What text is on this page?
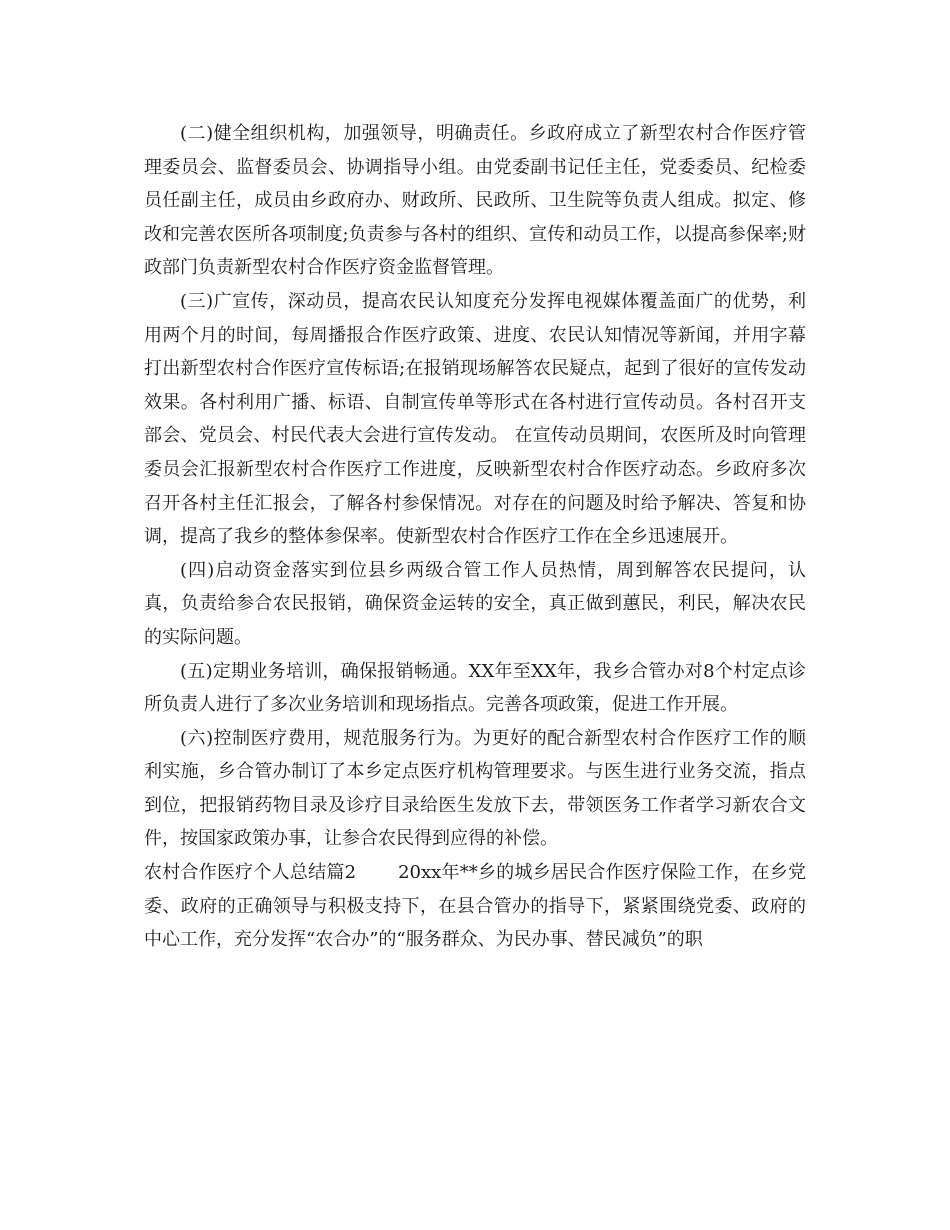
(二)健全组织机构，加强领导，明确责任。乡政府成立了新型农村合作医疗管理委员会、监督委员会、协调指导小组。由党委副书记任主任，党委委员、纪检委员任副主任，成员由乡政府办、财政所、民政所、卫生院等负责人组成。拟定、修改和完善农医所各项制度;负责参与各村的组织、宣传和动员工作，以提高参保率;财政部门负责新型农村合作医疗资金监督管理。

(三)广宣传，深动员，提高农民认知度充分发挥电视媒体覆盖面广的优势，利用两个月的时间，每周播报合作医疗政策、进度、农民认知情况等新闻，并用字幕打出新型农村合作医疗宣传标语;在报销现场解答农民疑点，起到了很好的宣传发动效果。各村利用广播、标语、自制宣传单等形式在各村进行宣传动员。各村召开支部会、党员会、村民代表大会进行宣传发动。 在宣传动员期间，农医所及时向管理委员会汇报新型农村合作医疗工作进度，反映新型农村合作医疗动态。乡政府多次召开各村主任汇报会，了解各村参保情况。对存在的问题及时给予解决、答复和协调，提高了我乡的整体参保率。使新型农村合作医疗工作在全乡迅速展开。

(四)启动资金落实到位县乡两级合管工作人员热情，周到解答农民提问，认真，负责给参合农民报销，确保资金运转的安全，真正做到蕙民，利民，解决农民的实际问题。

(五)定期业务培训，确保报销畅通。XX年至XX年，我乡合管办对8个村定点诊所负责人进行了多次业务培训和现场指点。完善各项政策，促进工作开展。

(六)控制医疗费用，规范服务行为。为更好的配合新型农村合作医疗工作的顺利实施，乡合管办制订了本乡定点医疗机构管理要求。与医生进行业务交流，指点到位，把报销药物目录及诊疗目录给医生发放下去，带领医务工作者学习新农合文件，按国家政策办事，让参合农民得到应得的补偿。

农村合作医疗个人总结篇2 20xx年**乡的城乡居民合作医疗保险工作，在乡党委、政府的正确领导与积极支持下，在县合管办的指导下，紧紧围绕党委、政府的中心工作，充分发挥“农合办”的“服务群众、为民办事、替民减负”的职
